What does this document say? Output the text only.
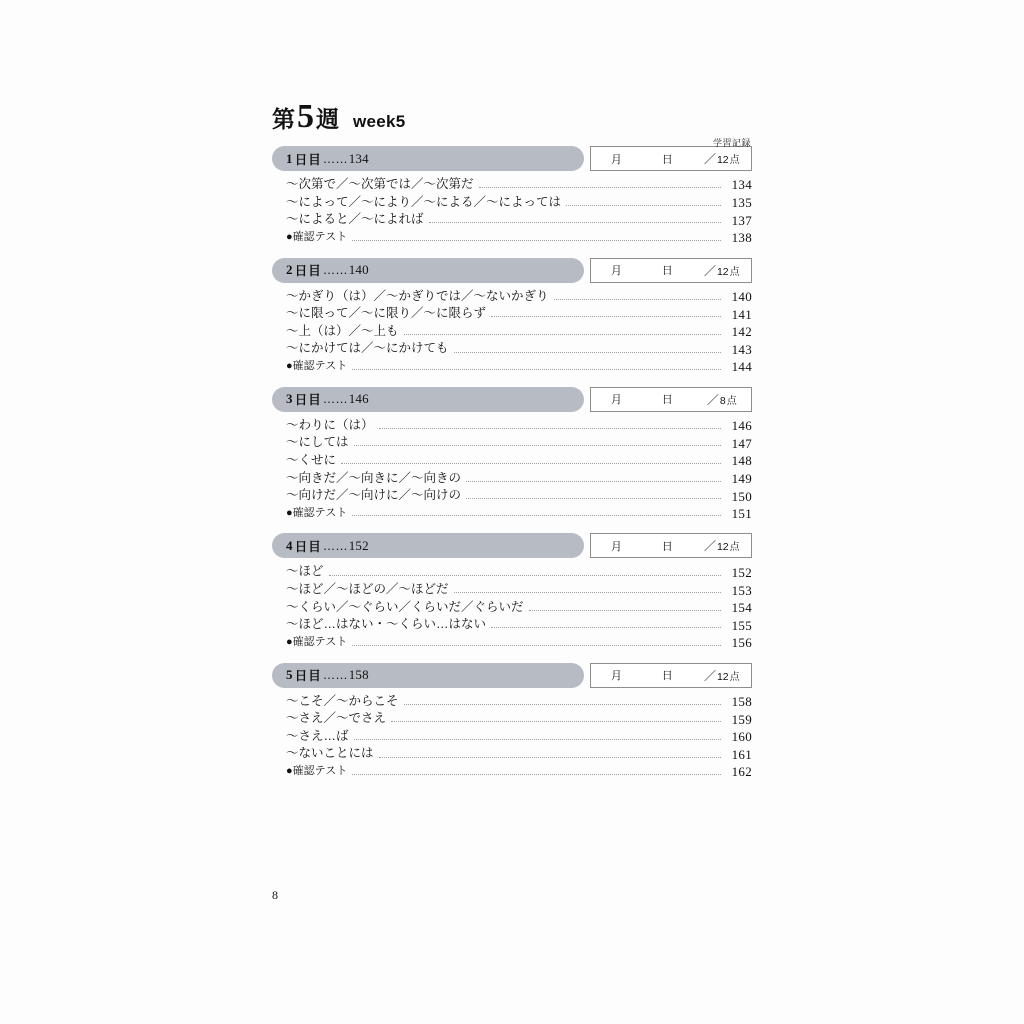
第 5 週 week5
学習記録
1 日目 …… 134	月	日	／12点
〜次第で／〜次第では／〜次第だ	134
〜によって／〜により／〜による／〜によっては	135
〜によると／〜によれば	137
●確認テスト	138
2 日目 …… 140	月	日	／12点
〜かぎり（は）／〜かぎりでは／〜ないかぎり	140
〜に限って／〜に限り／〜に限らず	141
〜上（は）／〜上も	142
〜にかけては／〜にかけても	143
●確認テスト	144
3 日目 …… 146	月	日	／8点
〜わりに（は）	146
〜にしては	147
〜くせに	148
〜向きだ／〜向きに／〜向きの	149
〜向けだ／〜向けに／〜向けの	150
●確認テスト	151
4 日目 …… 152	月	日	／12点
〜ほど	152
〜ほど／〜ほどの／〜ほどだ	153
〜くらい／〜ぐらい／くらいだ／ぐらいだ	154
〜ほど…はない・〜くらい…はない	155
●確認テスト	156
5 日目 …… 158	月	日	／12点
〜こそ／〜からこそ	158
〜さえ／〜でさえ	159
〜さえ…ば	160
〜ないことには	161
●確認テスト	162
8
